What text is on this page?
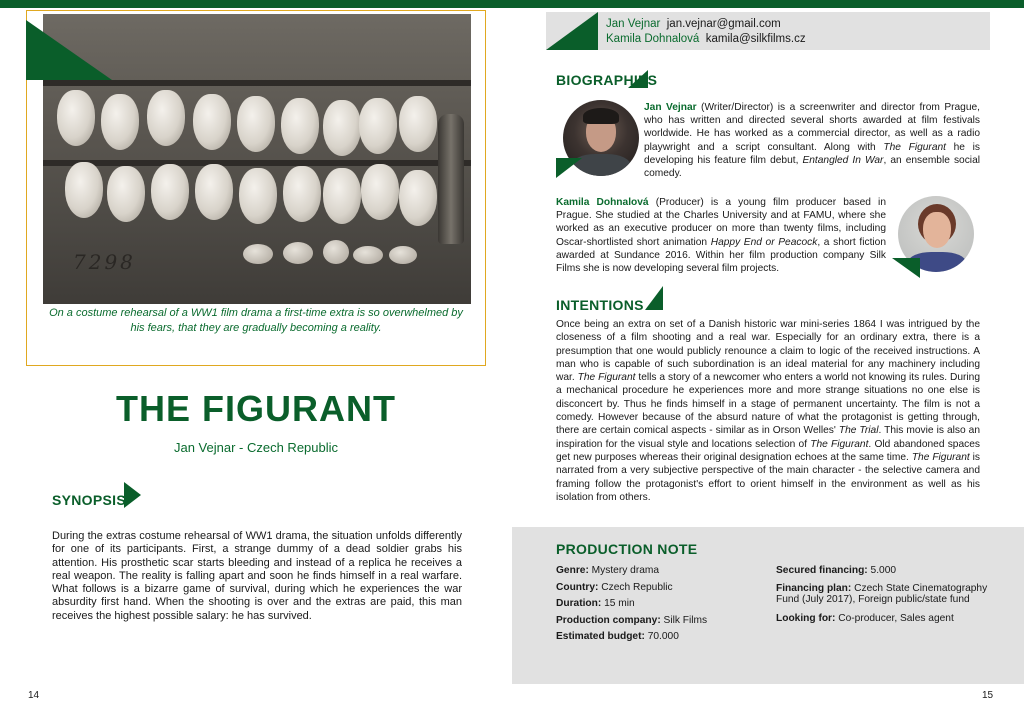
7298
On a costume rehearsal of a WW1 film drama a first-time extra is so overwhelmed by his fears, that they are gradually becoming a reality.
THE FIGURANT
Jan Vejnar - Czech Republic
SYNOPSIS
During the extras costume rehearsal of WW1 drama, the situation unfolds differently for one of its participants. First, a strange dummy of a dead soldier grabs his attention. His prosthetic scar starts bleeding and instead of a replica he receives a real weapon. The reality is falling apart and soon he finds himself in a real warfare. What follows is a bizarre game of survival, during which he experiences the war absurdity first hand. When the shooting is over and the extras are paid, this man receives the highest possible salary: he has survived.
14
Jan Vejnar jan.vejnar@gmail.com
Kamila Dohnalová kamila@silkfilms.cz
BIOGRAPHIES
Jan Vejnar (Writer/Director) is a screenwriter and director from Prague, who has written and directed several shorts awarded at film festivals worldwide. He has worked as a commercial director, as well as a radio playwright and a script consultant. Along with The Figurant he is developing his feature film debut, Entangled In War, an ensemble social comedy.
Kamila Dohnalová (Producer) is a young film producer based in Prague. She studied at the Charles University and at FAMU, where she worked as an executive producer on more than twenty films, including Oscar-shortlisted short animation Happy End or Peacock, a short fiction awarded at Sundance 2016. Within her film production company Silk Films she is now developing several film projects.
INTENTIONS
Once being an extra on set of a Danish historic war mini-series 1864 I was intrigued by the closeness of a film shooting and a real war. Especially for an ordinary extra, there is a presumption that one would publicly renounce a claim to logic of the received instructions. A man who is capable of such subordination is an ideal material for any machinery including war. The Figurant tells a story of a newcomer who enters a world not knowing its rules. During a mechanical procedure he experiences more and more strange situations no one else is disconcert by. Thus he finds himself in a stage of permanent uncertainty. The film is not a comedy. However because of the absurd nature of what the protagonist is getting through, there are certain comical aspects - similar as in Orson Welles' The Trial. This movie is also an inspiration for the visual style and locations selection of The Figurant. Old abandoned spaces get new purposes whereas their original designation echoes at the same time. The Figurant is narrated from a very subjective perspective of the main character - the selective camera and framing follow the protagonist's effort to orient himself in the environment as well as his isolation from others.
PRODUCTION NOTE
Genre: Mystery drama
Country: Czech Republic
Duration: 15 min
Production company: Silk Films
Estimated budget: 70.000
Secured financing: 5.000
Financing plan: Czech State Cinematography Fund (July 2017), Foreign public/state fund
Looking for: Co-producer, Sales agent
15
